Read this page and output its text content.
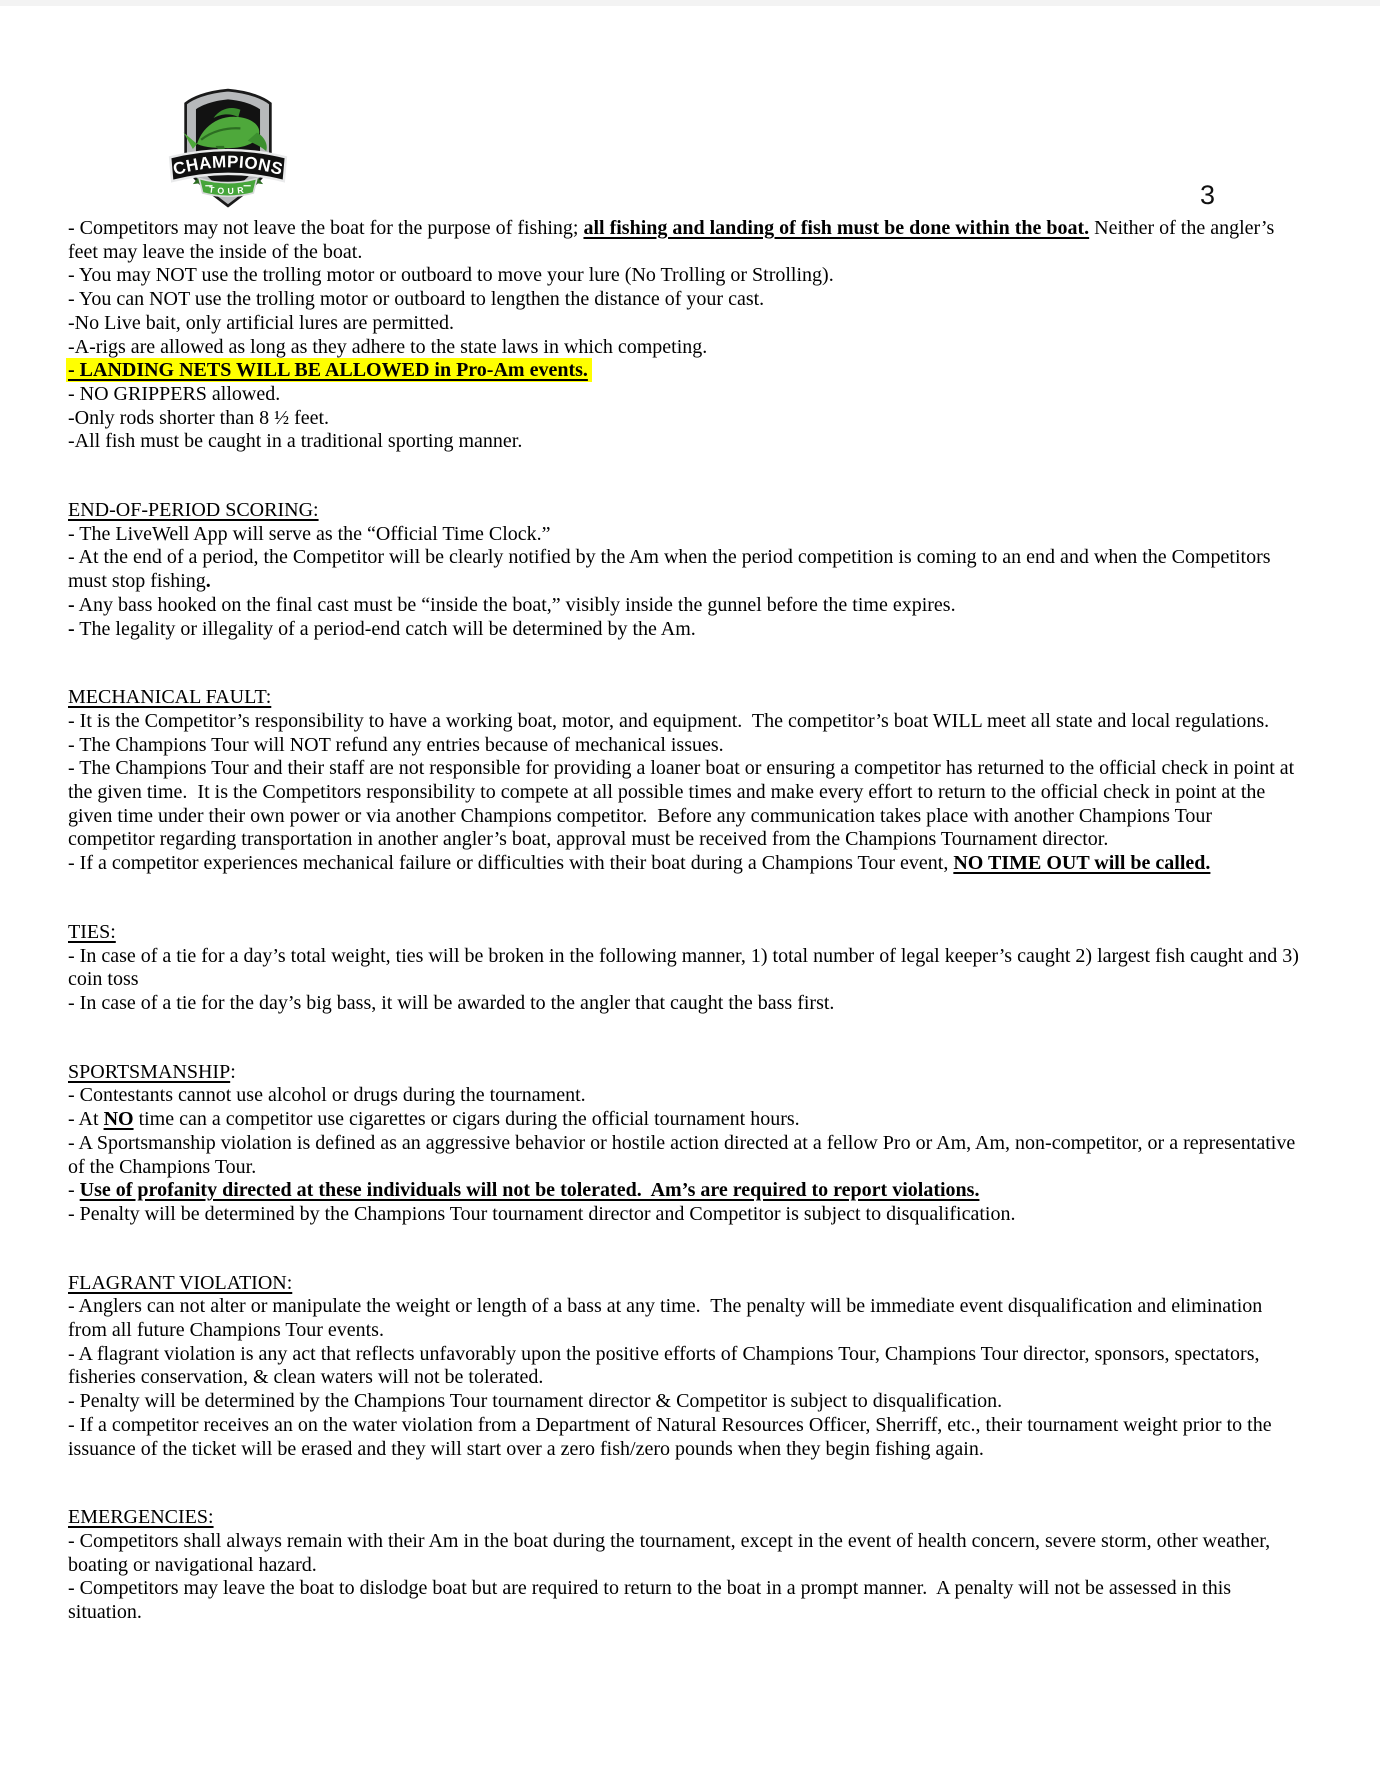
CHAMPIONS
TOUR	3

- Competitors may not leave the boat for the purpose of fishing; all fishing and landing of fish must be done within the boat. Neither of the angler’s feet may leave the inside of the boat.

- You may NOT use the trolling motor or outboard to move your lure (No Trolling or Strolling).

- You can NOT use the trolling motor or outboard to lengthen the distance of your cast.

-No Live bait, only artificial lures are permitted.

-A-rigs are allowed as long as they adhere to the state laws in which competing.

- LANDING NETS WILL BE ALLOWED in Pro-Am events.

- NO GRIPPERS allowed.

-Only rods shorter than 8 ½ feet.

-All fish must be caught in a traditional sporting manner.

END-OF-PERIOD SCORING:

- The LiveWell App will serve as the “Official Time Clock.”

- At the end of a period, the Competitor will be clearly notified by the Am when the period competition is coming to an end and when the Competitors must stop fishing.

- Any bass hooked on the final cast must be “inside the boat,” visibly inside the gunnel before the time expires.

- The legality or illegality of a period-end catch will be determined by the Am.

MECHANICAL FAULT:

- It is the Competitor’s responsibility to have a working boat, motor, and equipment.  The competitor’s boat WILL meet all state and local regulations.

- The Champions Tour will NOT refund any entries because of mechanical issues.

- The Champions Tour and their staff are not responsible for providing a loaner boat or ensuring a competitor has returned to the official check in point at the given time.  It is the Competitors responsibility to compete at all possible times and make every effort to return to the official check in point at the given time under their own power or via another Champions competitor.  Before any communication takes place with another Champions Tour competitor regarding transportation in another angler’s boat, approval must be received from the Champions Tournament director.

- If a competitor experiences mechanical failure or difficulties with their boat during a Champions Tour event, NO TIME OUT will be called.

TIES:

- In case of a tie for a day’s total weight, ties will be broken in the following manner, 1) total number of legal keeper’s caught 2) largest fish caught and 3) coin toss

- In case of a tie for the day’s big bass, it will be awarded to the angler that caught the bass first.

SPORTSMANSHIP:

- Contestants cannot use alcohol or drugs during the tournament.

- At NO time can a competitor use cigarettes or cigars during the official tournament hours.

- A Sportsmanship violation is defined as an aggressive behavior or hostile action directed at a fellow Pro or Am, Am, non-competitor, or a representative of the Champions Tour.

- Use of profanity directed at these individuals will not be tolerated.  Am’s are required to report violations.

- Penalty will be determined by the Champions Tour tournament director and Competitor is subject to disqualification.

FLAGRANT VIOLATION:

- Anglers can not alter or manipulate the weight or length of a bass at any time.  The penalty will be immediate event disqualification and elimination from all future Champions Tour events.

- A flagrant violation is any act that reflects unfavorably upon the positive efforts of Champions Tour, Champions Tour director, sponsors, spectators, fisheries conservation, & clean waters will not be tolerated.

- Penalty will be determined by the Champions Tour tournament director & Competitor is subject to disqualification.

- If a competitor receives an on the water violation from a Department of Natural Resources Officer, Sherriff, etc., their tournament weight prior to the issuance of the ticket will be erased and they will start over a zero fish/zero pounds when they begin fishing again.

EMERGENCIES:

- Competitors shall always remain with their Am in the boat during the tournament, except in the event of health concern, severe storm, other weather, boating or navigational hazard.

- Competitors may leave the boat to dislodge boat but are required to return to the boat in a prompt manner.  A penalty will not be assessed in this situation.
